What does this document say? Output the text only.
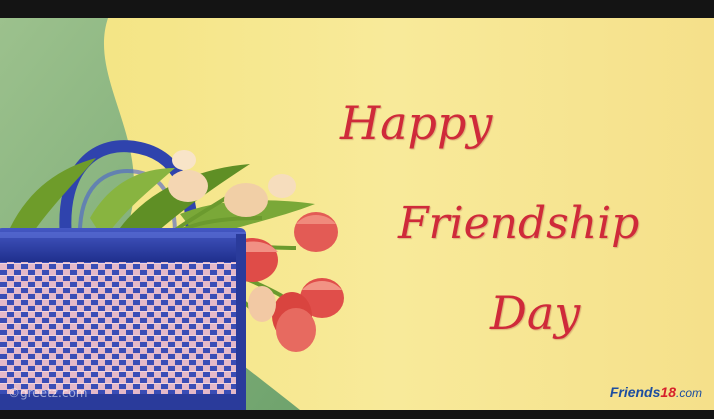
Happy
Friendship
Day

©greetz.com	Friends18.com
